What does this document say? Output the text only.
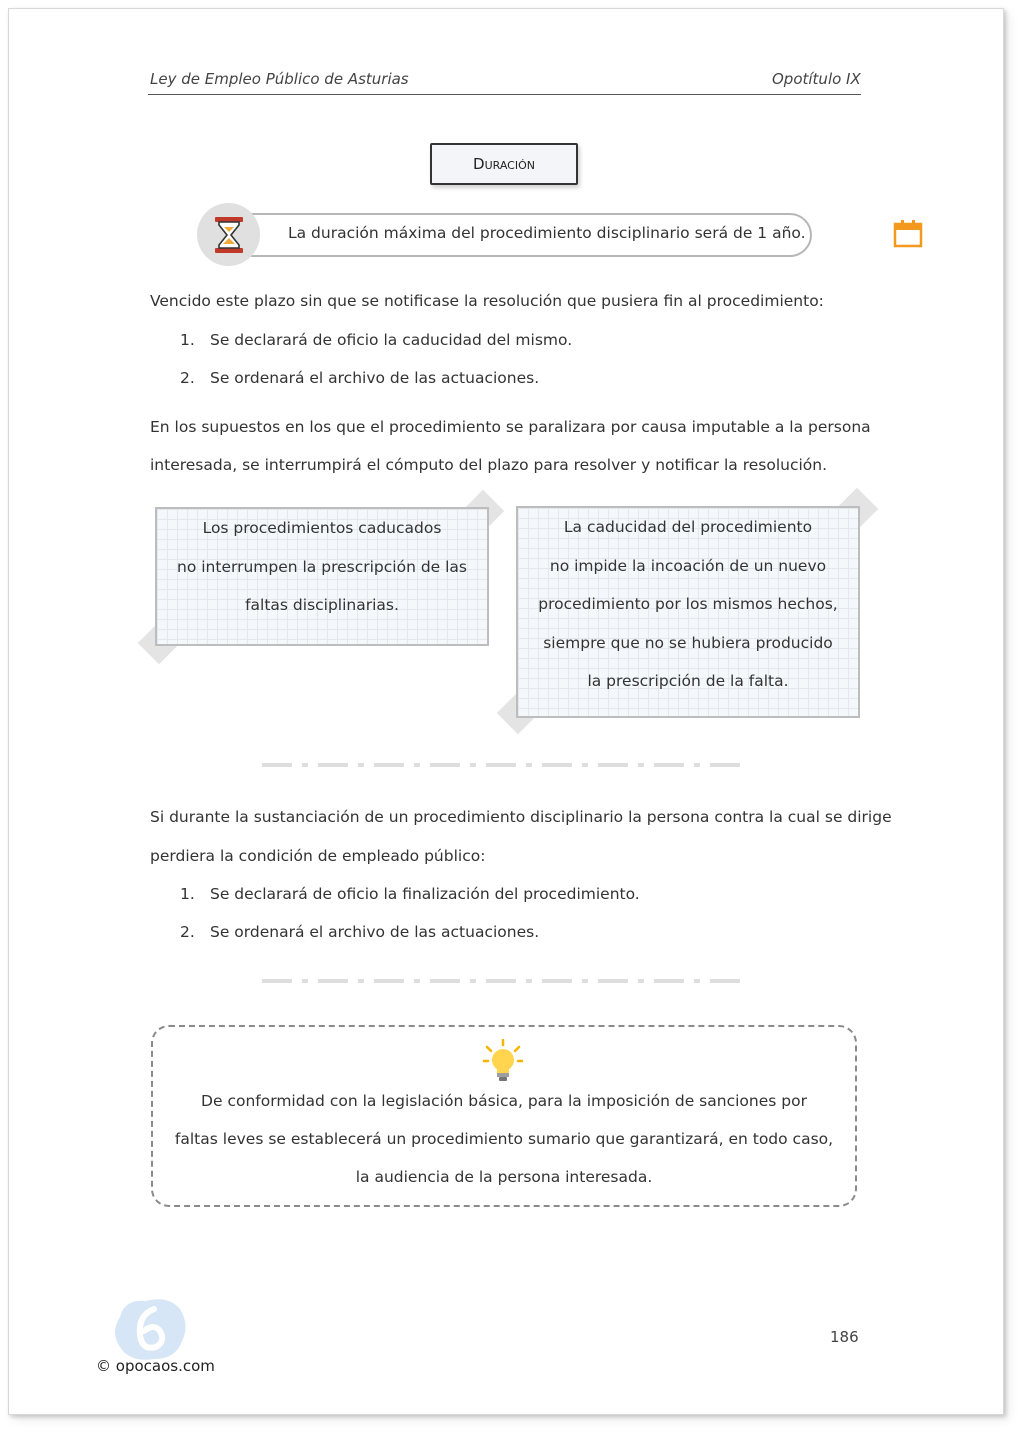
Ley de Empleo Público de Asturias	Opotítulo IX
Duración
La duración máxima del procedimiento disciplinario será de 1 año.
Vencido este plazo sin que se notificase la resolución que pusiera fin al procedimiento:
1. Se declarará de oficio la caducidad del mismo.
2. Se ordenará el archivo de las actuaciones.
En los supuestos en los que el procedimiento se paralizara por causa imputable a la persona
interesada, se interrumpirá el cómputo del plazo para resolver y notificar la resolución.
Los procedimientos caducados
no interrumpen la prescripción de las
faltas disciplinarias.
La caducidad del procedimiento
no impide la incoación de un nuevo
procedimiento por los mismos hechos,
siempre que no se hubiera producido
la prescripción de la falta.
Si durante la sustanciación de un procedimiento disciplinario la persona contra la cual se dirige
perdiera la condición de empleado público:
1. Se declarará de oficio la finalización del procedimiento.
2. Se ordenará el archivo de las actuaciones.
De conformidad con la legislación básica, para la imposición de sanciones por
faltas leves se establecerá un procedimiento sumario que garantizará, en todo caso,
la audiencia de la persona interesada.
186
© opocaos.com
